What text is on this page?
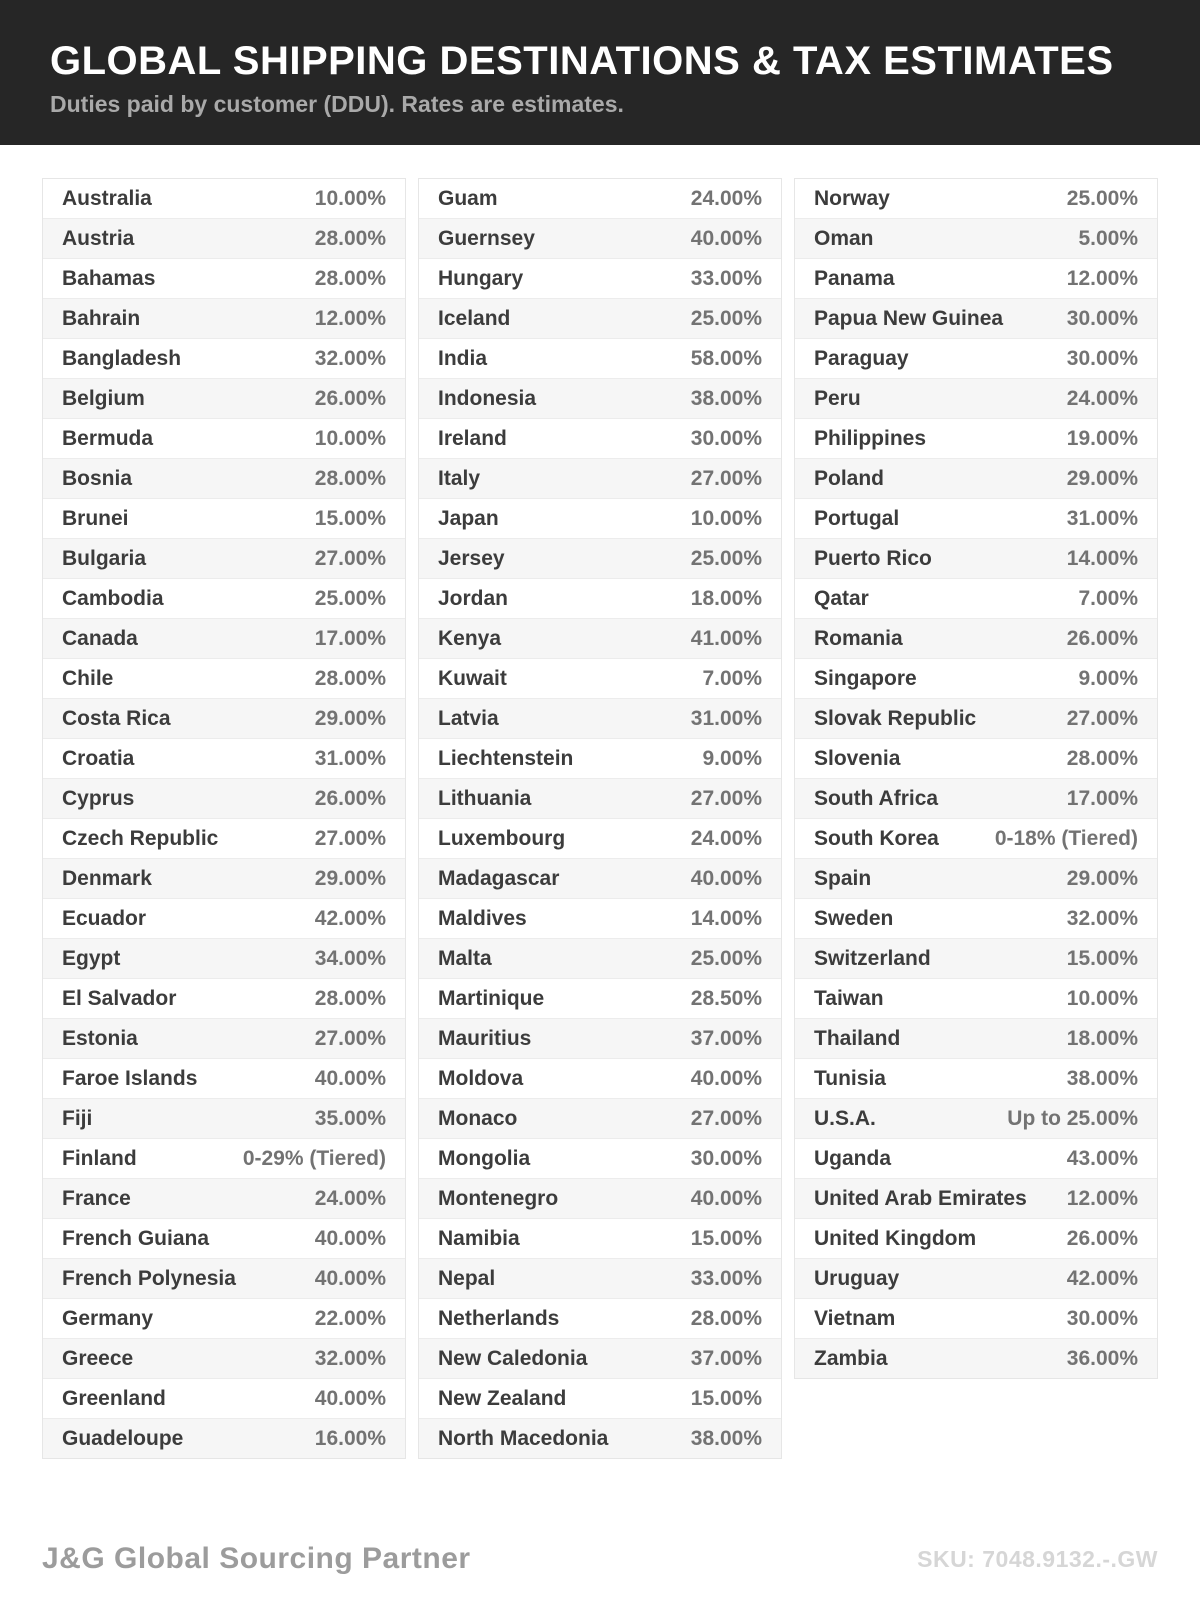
GLOBAL SHIPPING DESTINATIONS & TAX ESTIMATES
Duties paid by customer (DDU). Rates are estimates.
Australia	10.00%
Austria	28.00%
Bahamas	28.00%
Bahrain	12.00%
Bangladesh	32.00%
Belgium	26.00%
Bermuda	10.00%
Bosnia	28.00%
Brunei	15.00%
Bulgaria	27.00%
Cambodia	25.00%
Canada	17.00%
Chile	28.00%
Costa Rica	29.00%
Croatia	31.00%
Cyprus	26.00%
Czech Republic	27.00%
Denmark	29.00%
Ecuador	42.00%
Egypt	34.00%
El Salvador	28.00%
Estonia	27.00%
Faroe Islands	40.00%
Fiji	35.00%
Finland	0-29% (Tiered)
France	24.00%
French Guiana	40.00%
French Polynesia	40.00%
Germany	22.00%
Greece	32.00%
Greenland	40.00%
Guadeloupe	16.00%
Guam	24.00%
Guernsey	40.00%
Hungary	33.00%
Iceland	25.00%
India	58.00%
Indonesia	38.00%
Ireland	30.00%
Italy	27.00%
Japan	10.00%
Jersey	25.00%
Jordan	18.00%
Kenya	41.00%
Kuwait	7.00%
Latvia	31.00%
Liechtenstein	9.00%
Lithuania	27.00%
Luxembourg	24.00%
Madagascar	40.00%
Maldives	14.00%
Malta	25.00%
Martinique	28.50%
Mauritius	37.00%
Moldova	40.00%
Monaco	27.00%
Mongolia	30.00%
Montenegro	40.00%
Namibia	15.00%
Nepal	33.00%
Netherlands	28.00%
New Caledonia	37.00%
New Zealand	15.00%
North Macedonia	38.00%
Norway	25.00%
Oman	5.00%
Panama	12.00%
Papua New Guinea	30.00%
Paraguay	30.00%
Peru	24.00%
Philippines	19.00%
Poland	29.00%
Portugal	31.00%
Puerto Rico	14.00%
Qatar	7.00%
Romania	26.00%
Singapore	9.00%
Slovak Republic	27.00%
Slovenia	28.00%
South Africa	17.00%
South Korea	0-18% (Tiered)
Spain	29.00%
Sweden	32.00%
Switzerland	15.00%
Taiwan	10.00%
Thailand	18.00%
Tunisia	38.00%
U.S.A.	Up to 25.00%
Uganda	43.00%
United Arab Emirates 12.00%
United Kingdom	26.00%
Uruguay	42.00%
Vietnam	30.00%
Zambia	36.00%
J&G Global Sourcing Partner	SKU: 7048.9132.-.GW
